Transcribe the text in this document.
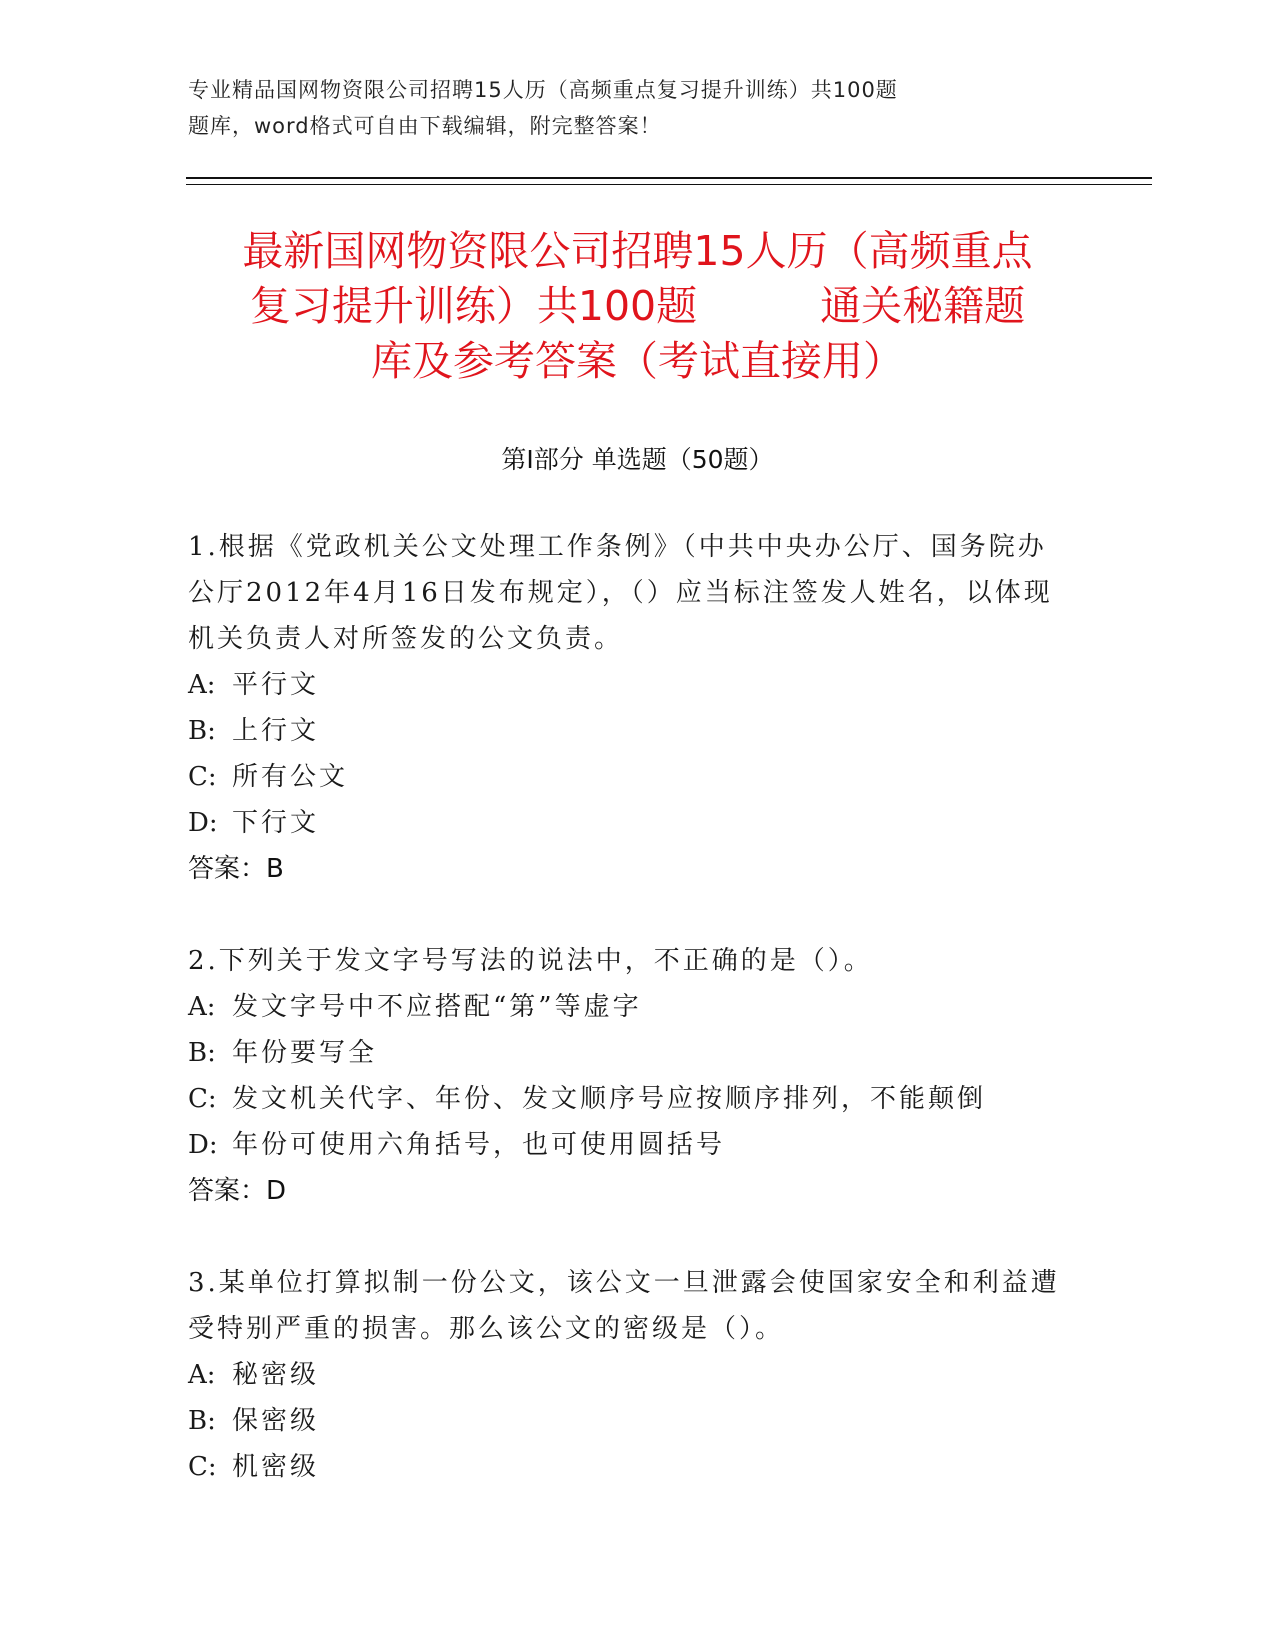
专业精品国网物资限公司招聘15人历（高频重点复习提升训练）共100题
题库，word格式可自由下载编辑，附完整答案！
最新国网物资限公司招聘15人历（高频重点
复习提升训练）共100题　　　通关秘籍题
库及参考答案（考试直接用）
第Ⅰ部分 单选题（50题）

1.根据《党政机关公文处理工作条例》（中共中央办公厅、国务院办公厅2012年4月16日发布规定），（）应当标注签发人姓名，以体现机关负责人对所签发的公文负责。

A: 平行文
B: 上行文
C: 所有公文
D: 下行文
答案：B

2.下列关于发文字号写法的说法中，不正确的是（）。

A: 发文字号中不应搭配“第”等虚字
B: 年份要写全
C: 发文机关代字、年份、发文顺序号应按顺序排列，不能颠倒
D: 年份可使用六角括号，也可使用圆括号
答案：D

3.某单位打算拟制一份公文，该公文一旦泄露会使国家安全和利益遭受特别严重的损害。那么该公文的密级是（）。

A: 秘密级
B: 保密级
C: 机密级
